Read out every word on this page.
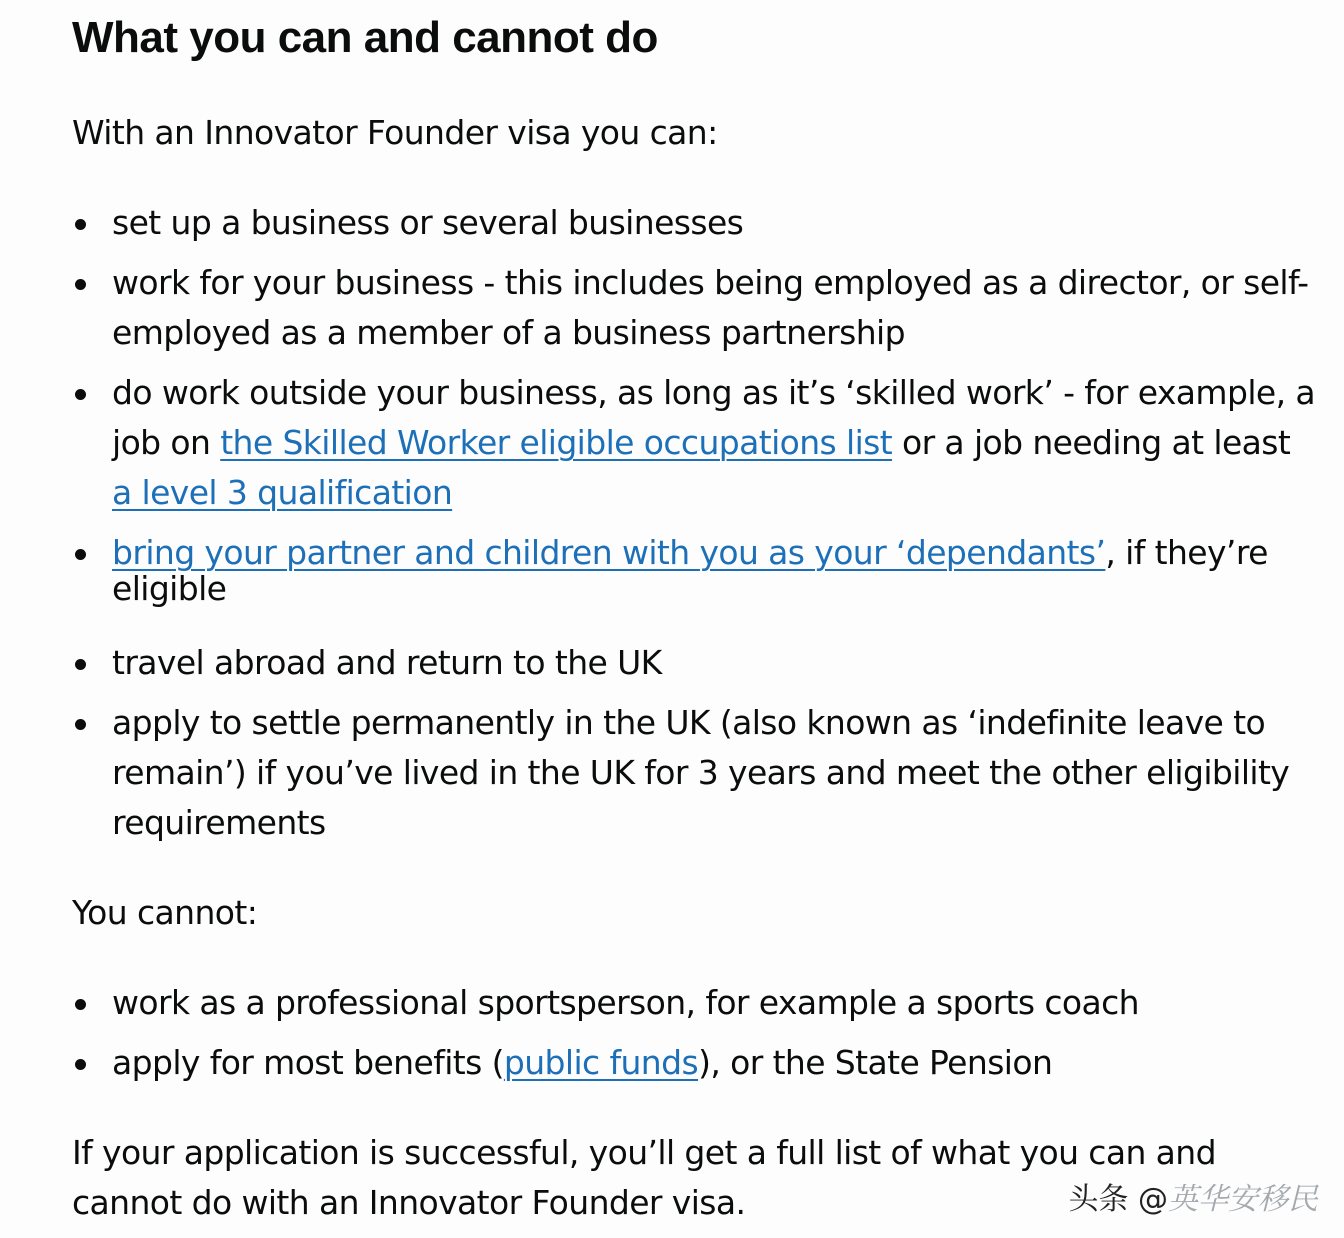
What you can and cannot do

With an Innovator Founder visa you can:

set up a business or several businesses
work for your business - this includes being employed as a director, or self-
employed as a member of a business partnership
do work outside your business, as long as it’s ‘skilled work’ - for example, a
job on the Skilled Worker eligible occupations list or a job needing at least
a level 3 qualification
bring your partner and children with you as your ‘dependants’, if they’re
eligible
travel abroad and return to the UK
apply to settle permanently in the UK (also known as ‘indefinite leave to
remain’) if you’ve lived in the UK for 3 years and meet the other eligibility
requirements

You cannot:

work as a professional sportsperson, for example a sports coach
apply for most benefits (public funds), or the State Pension

If your application is successful, you’ll get a full list of what you can and
cannot do with an Innovator Founder visa.	头条 @英华安移民
